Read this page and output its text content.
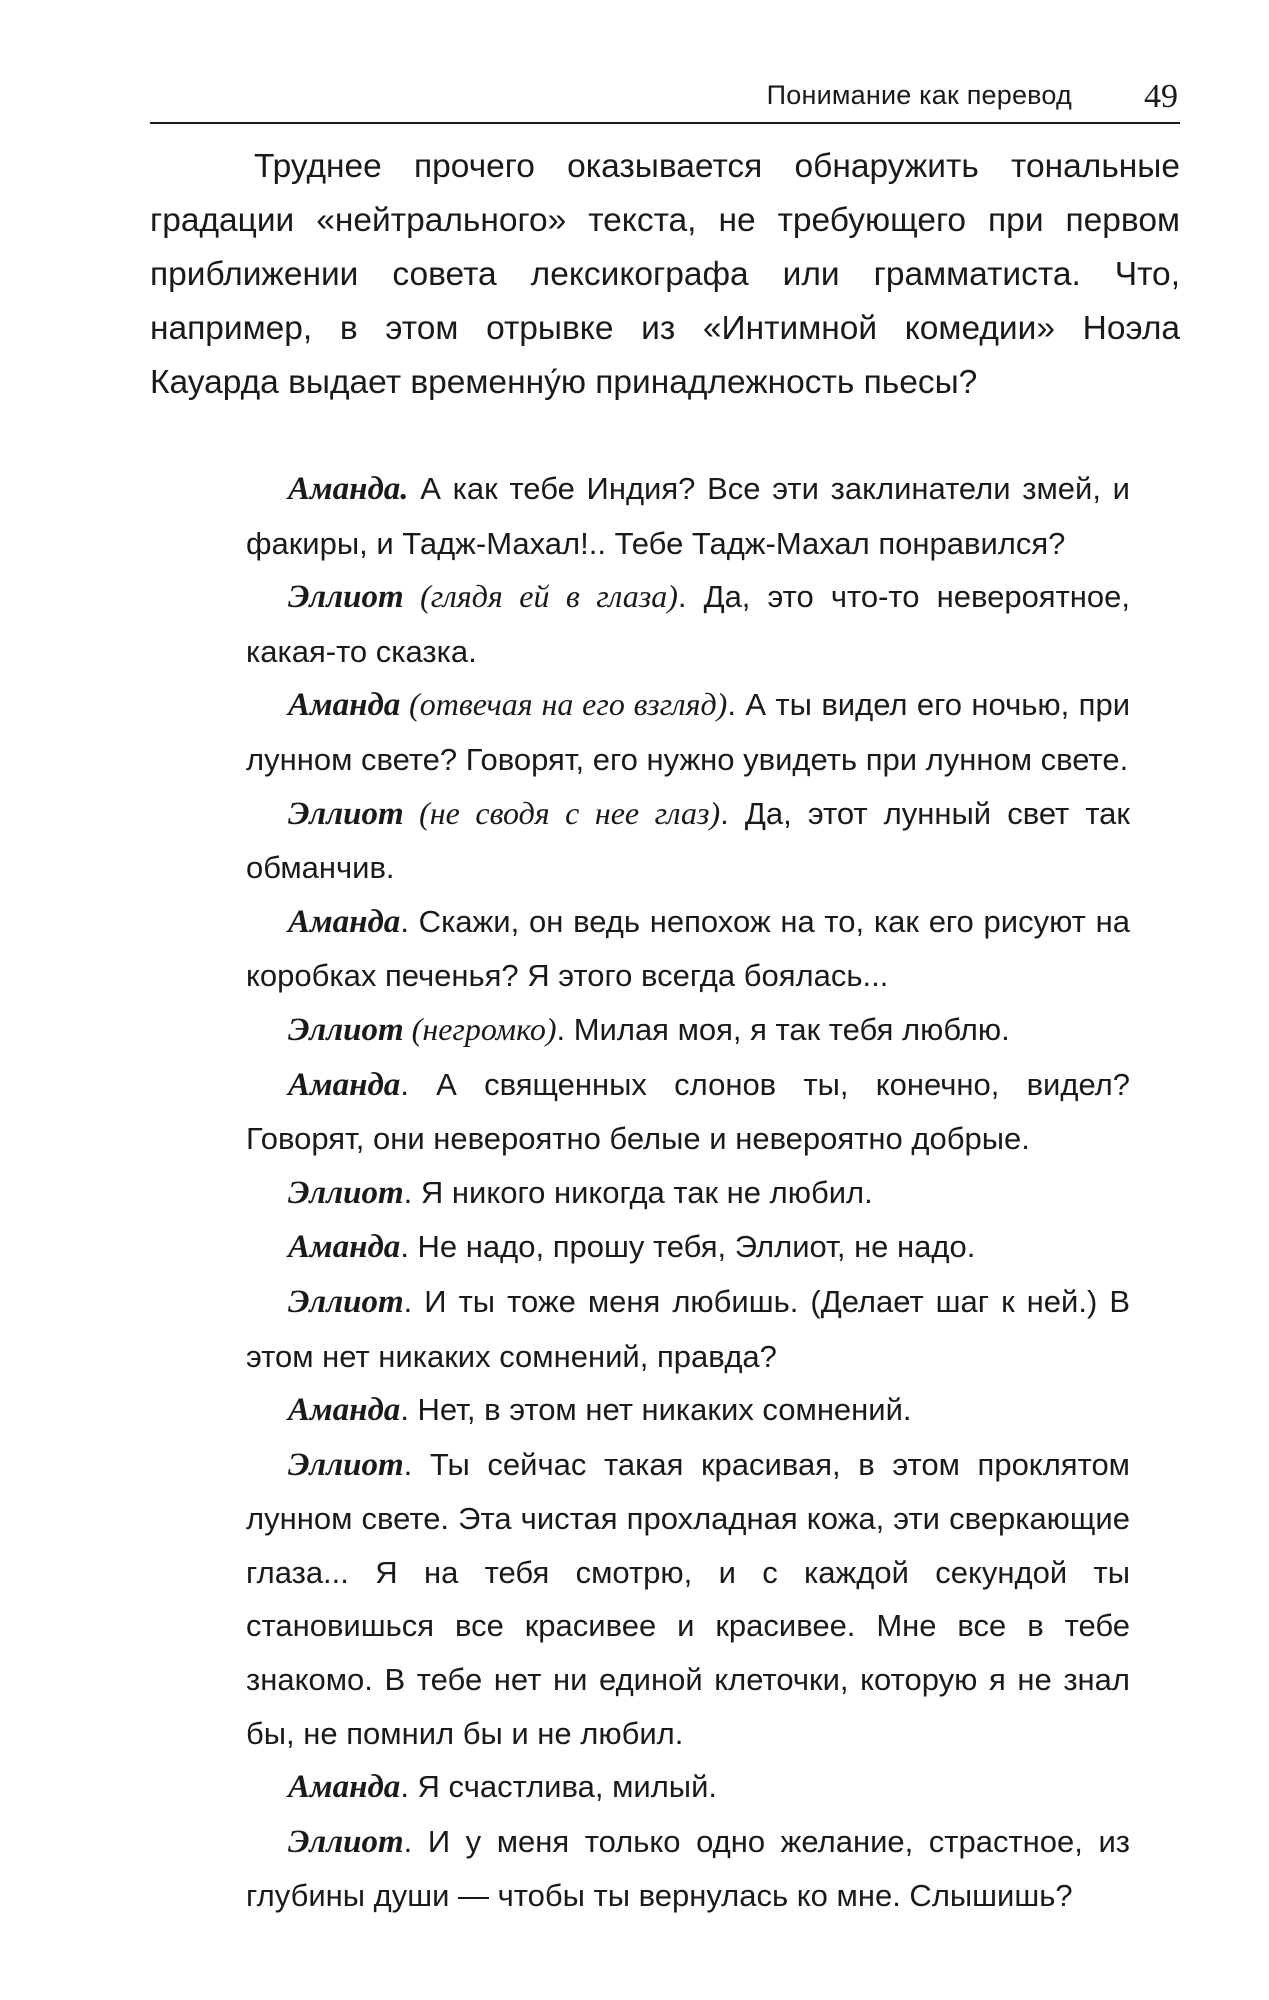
Понимание как перевод 49

Труднее прочего оказывается обнаружить тональные градации «нейтрального» текста, не требующего при первом приближении совета лексикографа или грамматиста. Что, например, в этом отрывке из «Интимной комедии» Ноэла Кауарда выдает временну́ю принадлежность пьесы?

Аманда. А как тебе Индия? Все эти заклинатели змей, и факиры, и Тадж-Махал!.. Тебе Тадж-Махал понравился?

Эллиот (глядя ей в глаза). Да, это что-то невероятное, какая-то сказка.

Аманда (отвечая на его взгляд). А ты видел его ночью, при лунном свете? Говорят, его нужно увидеть при лунном свете.

Эллиот (не сводя с нее глаз). Да, этот лунный свет так обманчив.

Аманда. Скажи, он ведь непохож на то, как его рисуют на коробках печенья? Я этого всегда боялась...

Эллиот (негромко). Милая моя, я так тебя люблю.

Аманда. А священных слонов ты, конечно, видел? Говорят, они невероятно белые и невероятно добрые.

Эллиот. Я никого никогда так не любил.

Аманда. Не надо, прошу тебя, Эллиот, не надо.

Эллиот. И ты тоже меня любишь. (Делает шаг к ней.) В этом нет никаких сомнений, правда?

Аманда. Нет, в этом нет никаких сомнений.

Эллиот. Ты сейчас такая красивая, в этом проклятом лунном свете. Эта чистая прохладная кожа, эти сверкающие глаза... Я на тебя смотрю, и с каждой секундой ты становишься все красивее и красивее. Мне все в тебе знакомо. В тебе нет ни единой клеточки, которую я не знал бы, не помнил бы и не любил.

Аманда. Я счастлива, милый.

Эллиот. И у меня только одно желание, страстное, из глубины души — чтобы ты вернулась ко мне. Слышишь?
